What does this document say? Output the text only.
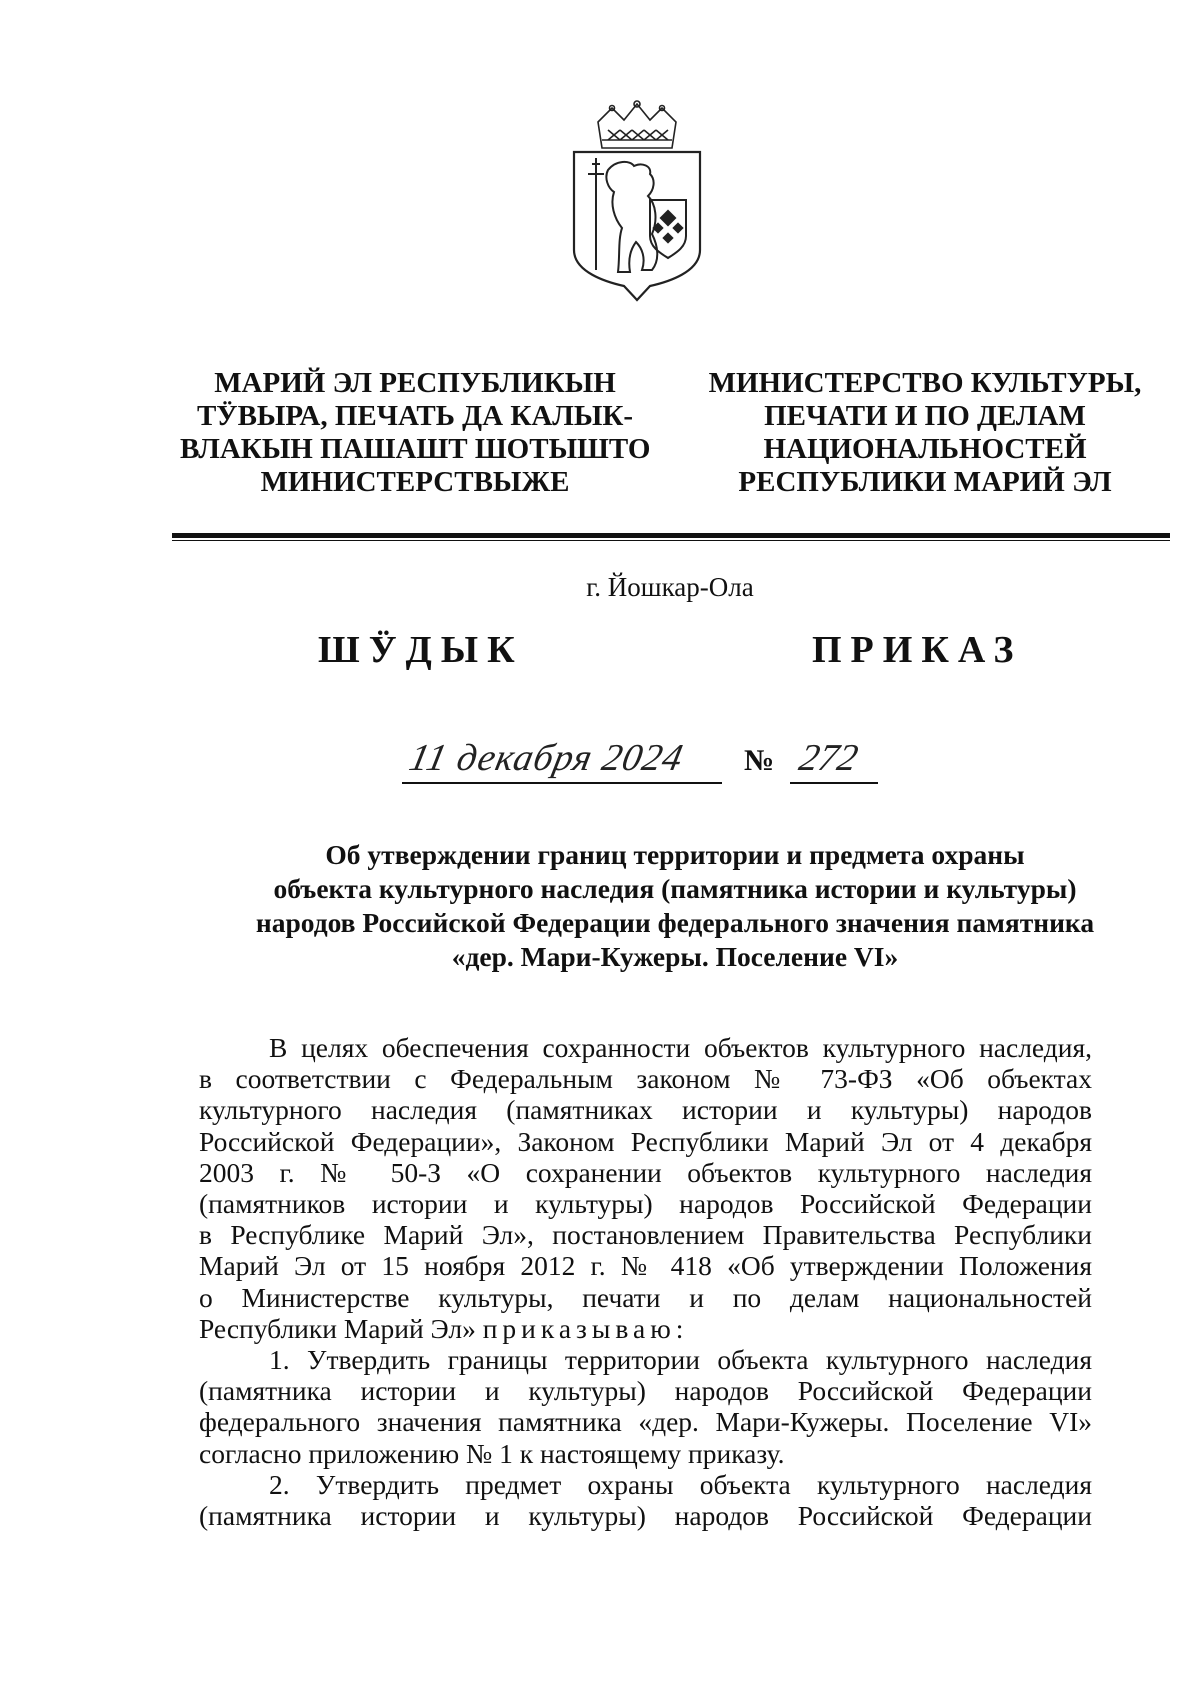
МАРИЙ ЭЛ РЕСПУБЛИКЫН
ТӰВЫРА, ПЕЧАТЬ ДА КАЛЫК-
ВЛАКЫН ПАШАШТ ШОТЫШТО
МИНИСТЕРСТВЫЖЕ
МИНИСТЕРСТВО КУЛЬТУРЫ,
ПЕЧАТИ И ПО ДЕЛАМ
НАЦИОНАЛЬНОСТЕЙ
РЕСПУБЛИКИ МАРИЙ ЭЛ
г. Йошкар-Ола
ШӰДЫК	ПРИКАЗ
11 декабря 2024 № 272
Об утверждении границ территории и предмета охраны
объекта культурного наследия (памятника истории и культуры)
народов Российской Федерации федерального значения памятника
«дер. Мари-Кужеры. Поселение VI»

В целях обеспечения сохранности объектов культурного наследия,
в соответствии с Федеральным законом № 73-ФЗ «Об объектах
культурного наследия (памятниках истории и культуры) народов
Российской Федерации», Законом Республики Марий Эл от 4 декабря
2003 г. № 50-З «О сохранении объектов культурного наследия
(памятников истории и культуры) народов Российской Федерации
в Республике Марий Эл», постановлением Правительства Республики
Марий Эл от 15 ноября 2012 г. № 418 «Об утверждении Положения
о Министерстве культуры, печати и по делам национальностей
Республики Марий Эл» приказываю:

1. Утвердить границы территории объекта культурного наследия
(памятника истории и культуры) народов Российской Федерации
федерального значения памятника «дер. Мари-Кужеры. Поселение VI»
согласно приложению № 1 к настоящему приказу.

2. Утвердить предмет охраны объекта культурного наследия
(памятника истории и культуры) народов Российской Федерации
